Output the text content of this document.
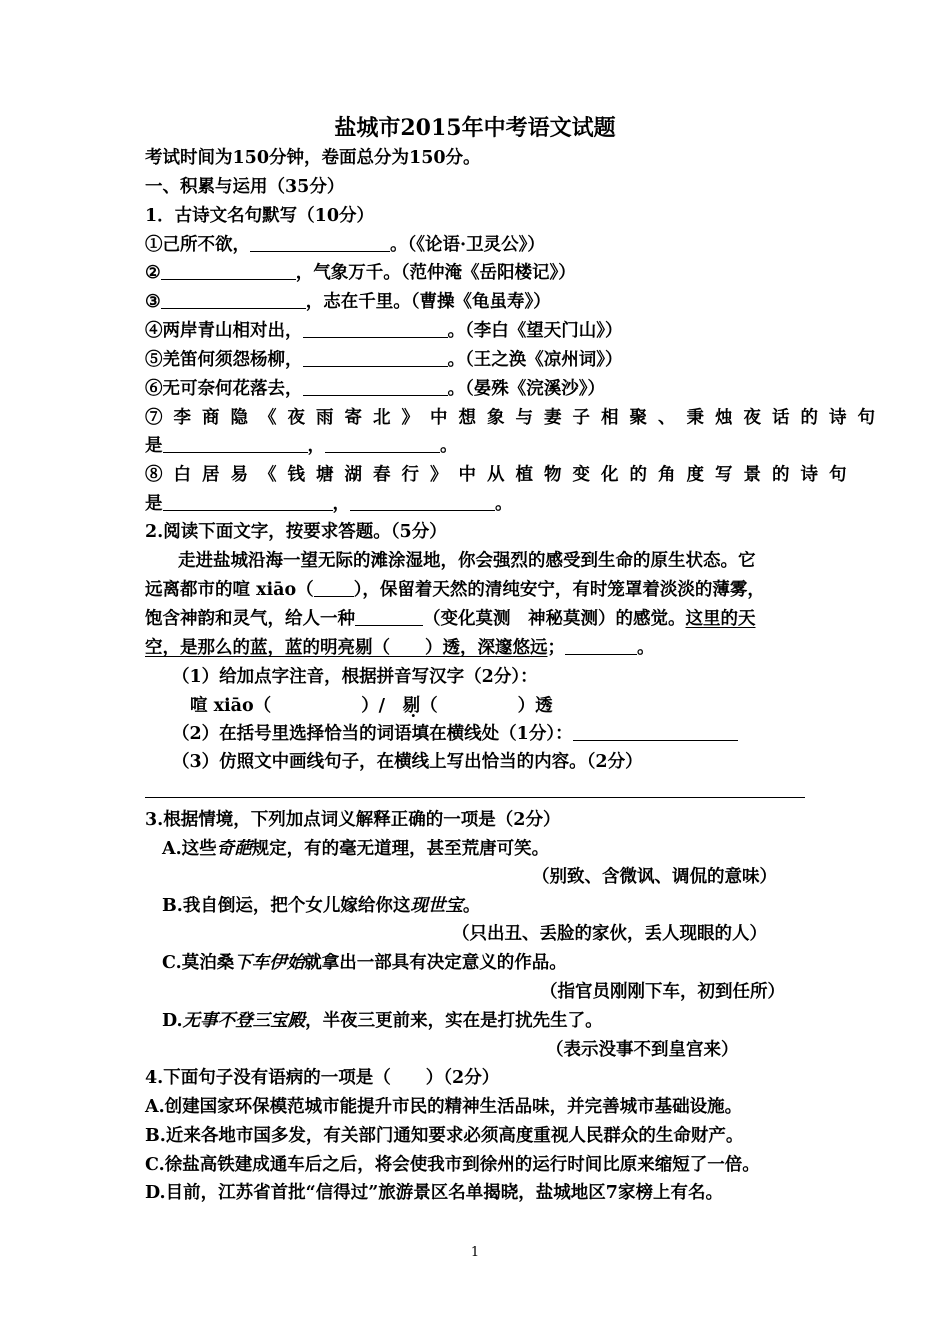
盐城市2015年中考语文试题
考试时间为150分钟，卷面总分为150分。
一、积累与运用（35分）
1．古诗文名句默写（10分）
①己所不欲，	。（《论语·卫灵公》）
②	，气象万千。（范仲淹《岳阳楼记》）
③	，志在千里。（曹操《龟虽寿》）
④两岸青山相对出，	。（李白《望天门山》）
⑤羌笛何须怨杨柳，	。（王之涣《凉州词》）
⑥无可奈何花落去，	。（晏殊《浣溪沙》）
⑦李商隐《夜雨寄北》中想象与妻子相聚、秉烛夜话的诗句
是	，	。
⑧白居易《钱塘湖春行》中从植物变化的角度写景的诗句
是	，	。
2.阅读下面文字，按要求答题。（5分）
走进盐城沿海一望无际的滩涂湿地，你会强烈的感受到生命的原生状态。它
远离都市的喧 xiāo（ ），保留着天然的清纯安宁，有时笼罩着淡淡的薄雾，
饱含神韵和灵气，给人一种	（变化莫测　神秘莫测）的感觉。这里的天
空，是那么的蓝，蓝的明亮剔（　　）透，深邃悠远；	。
（1）给加点字注音，根据拼音写汉字（2分）：
喧 xiāo（	）/　剔（	）透
（2）在括号里选择恰当的词语填在横线处（1分）：
（3）仿照文中画线句子，在横线上写出恰当的内容。（2分）
3.根据情境，下列加点词义解释正确的一项是（2分）
A.这些奇葩规定，有的毫无道理，甚至荒唐可笑。
（别致、含微讽、调侃的意味）
B.我自倒运，把个女儿嫁给你这现世宝。
（只出丑、丢脸的家伙，丢人现眼的人）
C.莫泊桑下车伊始就拿出一部具有决定意义的作品。
（指官员刚刚下车，初到任所）
D.无事不登三宝殿，半夜三更前来，实在是打扰先生了。
（表示没事不到皇宫来）
4.下面句子没有语病的一项是（　　）（2分）
A.创建国家环保模范城市能提升市民的精神生活品味，并完善城市基础设施。
B.近来各地市国多发，有关部门通知要求必须高度重视人民群众的生命财产。
C.徐盐高铁建成通车后之后，将会使我市到徐州的运行时间比原来缩短了一倍。
D.目前，江苏省首批“信得过”旅游景区名单揭晓，盐城地区7家榜上有名。
1
